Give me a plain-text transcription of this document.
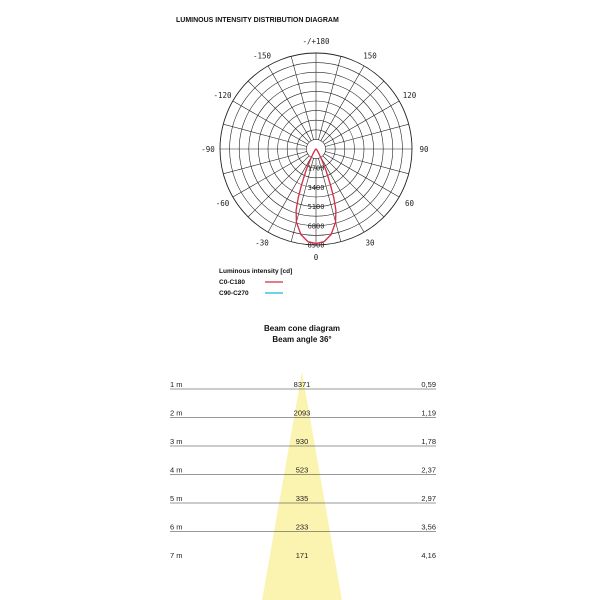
LUMINOUS INTENSITY DISTRIBUTION DIAGRAM
-/+180
-150	150
-120	120
-90	90
-60	60
-30	30
0
1700
3400
5100
6800
8500
Luminous intensity [cd]
C0-C180
C90-C270
Beam cone diagram
Beam angle 36°
1 m	8371	0,59
2 m	2093	1,19
3 m	930	1,78
4 m	523	2,37
5 m	335	2,97
6 m	233	3,56
7 m	171	4,16
